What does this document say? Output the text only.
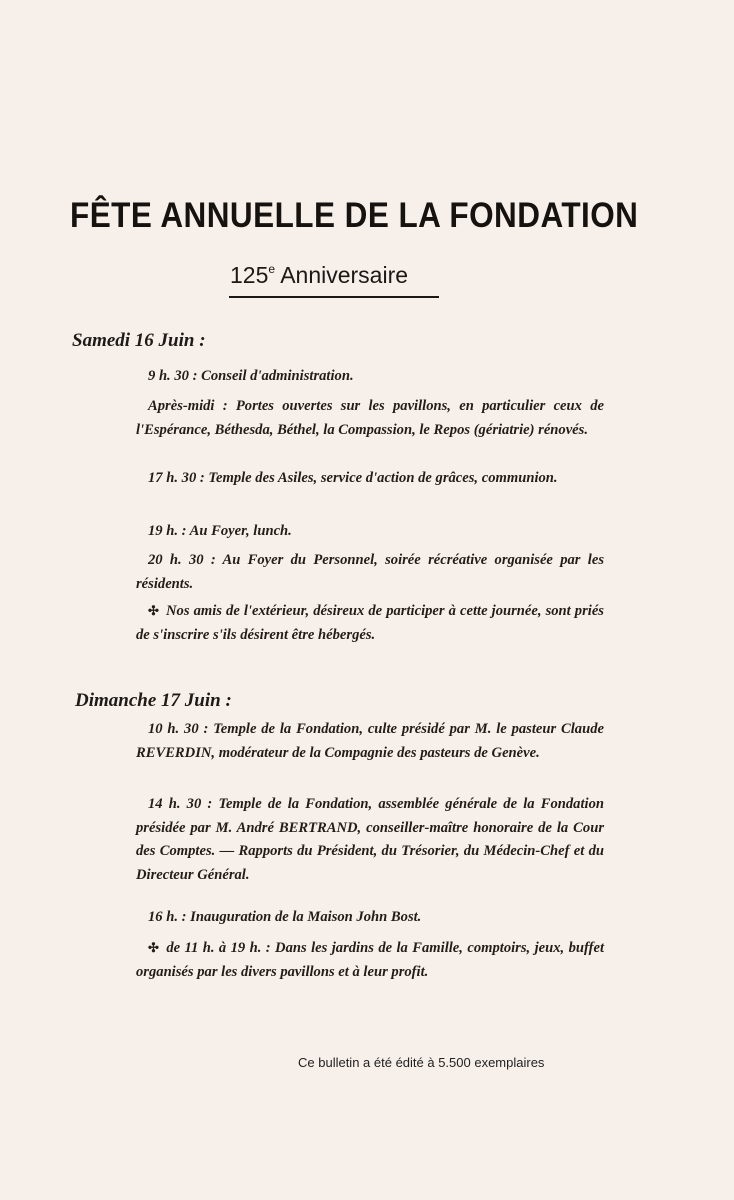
FÊTE ANNUELLE DE LA FONDATION
125e Anniversaire
Samedi 16 Juin :

9 h. 30 : Conseil d'administration.

Après-midi : Portes ouvertes sur les pavillons, en particulier ceux de l'Espérance, Béthesda, Béthel, la Compassion, le Repos (gériatrie) rénovés.

17 h. 30 : Temple des Asiles, service d'action de grâces, communion.

19 h. : Au Foyer, lunch.

20 h. 30 : Au Foyer du Personnel, soirée récréative organisée par les résidents.

✣ Nos amis de l'extérieur, désireux de participer à cette journée, sont priés de s'inscrire s'ils désirent être hébergés.

Dimanche 17 Juin :

10 h. 30 : Temple de la Fondation, culte présidé par M. le pasteur Claude REVERDIN, modérateur de la Compagnie des pasteurs de Genève.

14 h. 30 : Temple de la Fondation, assemblée générale de la Fondation présidée par M. André BERTRAND, conseiller-maître honoraire de la Cour des Comptes. — Rapports du Président, du Trésorier, du Médecin-Chef et du Directeur Général.

16 h. : Inauguration de la Maison John Bost.

✣ de 11 h. à 19 h. : Dans les jardins de la Famille, comptoirs, jeux, buffet organisés par les divers pavillons et à leur profit.

Ce bulletin a été édité à 5.500 exemplaires
